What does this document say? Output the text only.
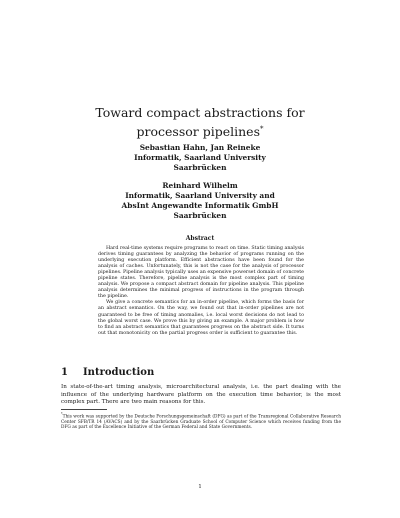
Toward compact abstractions for
processor pipelines*
Sebastian Hahn, Jan Reineke
Informatik, Saarland University
Saarbrücken
Reinhard Wilhelm
Informatik, Saarland University and
AbsInt Angewandte Informatik GmbH
Saarbrücken
Abstract

Hard real-time systems require programs to react on time. Static timing analysis derives timing guarantees by analyzing the behavior of programs running on the underlying execution platform. Efficient abstractions have been found for the analysis of caches. Unfortunately, this is not the case for the analysis of processor pipelines. Pipeline analysis typically uses an expensive powerset domain of concrete pipeline states. Therefore, pipeline analysis is the most complex part of timing analysis. We propose a compact abstract domain for pipeline analysis. This pipeline analysis determines the minimal progress of instructions in the program through the pipeline.

We give a concrete semantics for an in-order pipeline, which forms the basis for an abstract semantics. On the way, we found out that in-order pipelines are not guaranteed to be free of timing anomalies, i.e. local worst decisions do not lead to the global worst case. We prove this by giving an example. A major problem is how to find an abstract semantics that guarantees progress on the abstract side. It turns out that monotonicity on the partial progress order is sufficient to guarantee this.

1 Introduction

In state-of-the-art timing analysis, microarchitectural analysis, i.e. the part dealing with the influence of the underlying hardware platform on the execution time behavior, is the most complex part. There are two main reasons for this.

*This work was supported by the Deutsche Forschungsgemeinschaft (DFG) as part of the Transregional Collaborative Research Center SFB/TR 14 (AVACS) and by the Saarbrücken Graduate School of Computer Science which receives funding from the DFG as part of the Excellence Initiative of the German Federal and State Governments.

1
